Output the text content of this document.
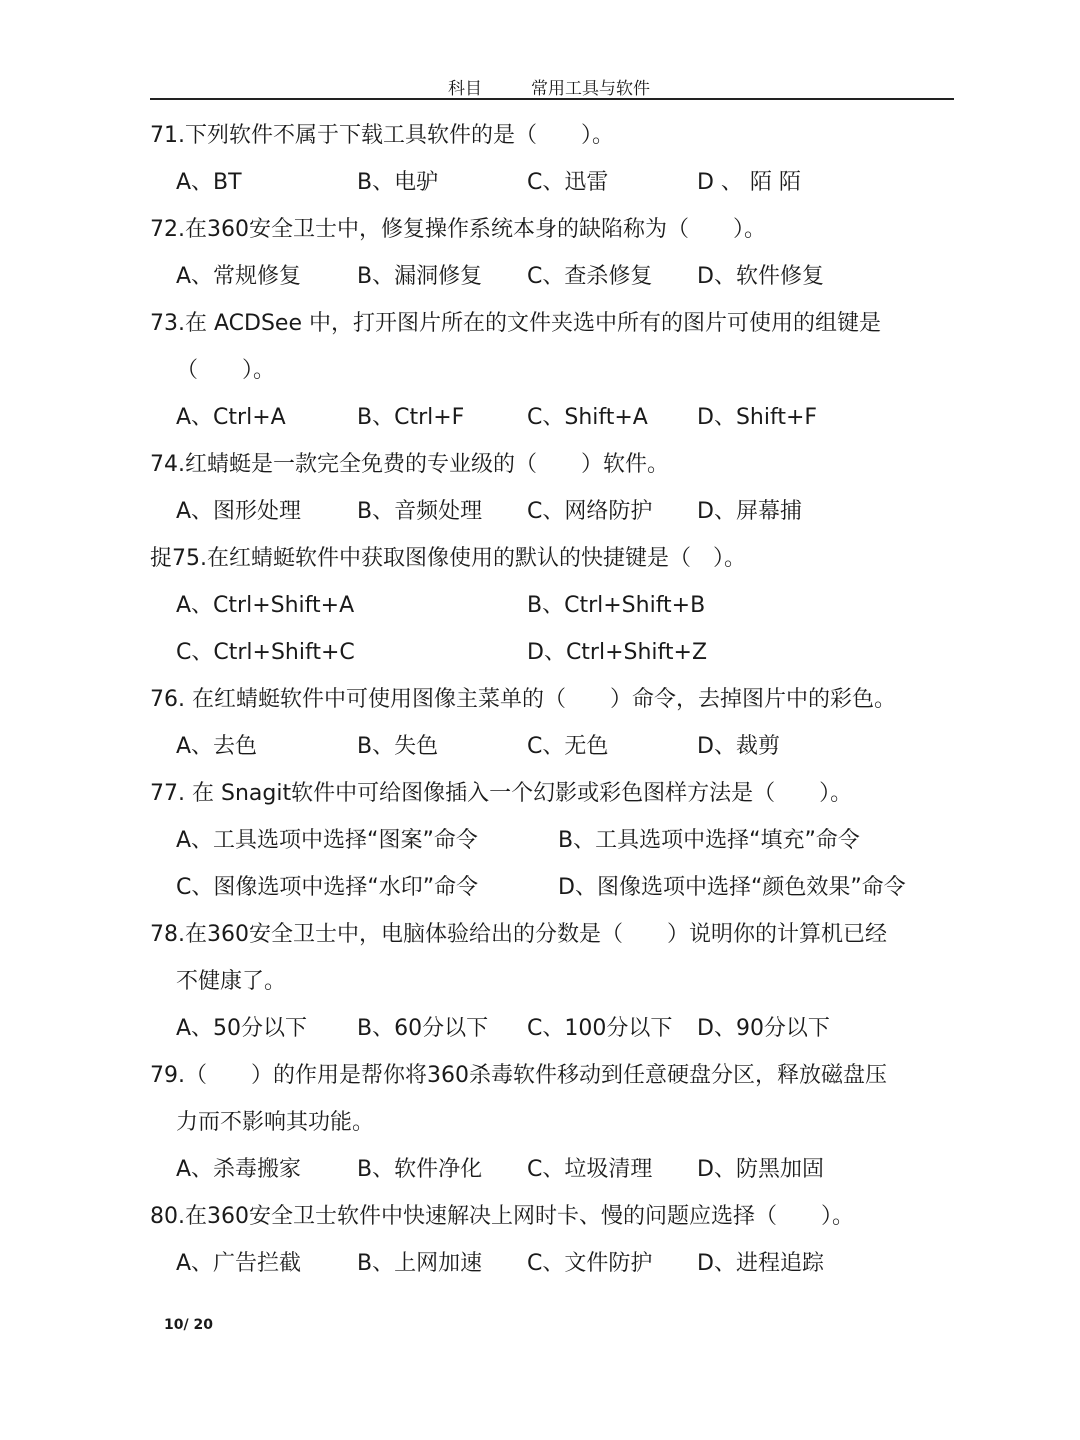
科目	常用工具与软件
71.下列软件不属于下载工具软件的是（　　）。
A、BT	B、电驴	C、迅雷	D 、 陌 陌
72.在360安全卫士中，修复操作系统本身的缺陷称为（　　）。
A、常规修复	B、漏洞修复 C、查杀修复 D、软件修复
73.在 ACDSee 中，打开图片所在的文件夹选中所有的图片可使用的组键是
（　　）。
A、Ctrl+A	B、Ctrl+F	C、Shift+A D、Shift+F
74.红蜻蜓是一款完全免费的专业级的（　　）软件。
A、图形处理	B、音频处理 C、网络防护 D、屏幕捕
捉75.在红蜻蜓软件中获取图像使用的默认的快捷键是（　）。
A、Ctrl+Shift+A	B、Ctrl+Shift+B
C、Ctrl+Shift+C	D、Ctrl+Shift+Z
76. 在红蜻蜓软件中可使用图像主菜单的（　　）命令，去掉图片中的彩色。
A、去色	B、失色	C、无色	D、裁剪
77. 在 Snagit软件中可给图像插入一个幻影或彩色图样方法是（　　）。
A、工具选项中选择“图案”命令	B、工具选项中选择“填充”命令
C、图像选项中选择“水印”命令	D、图像选项中选择“颜色效果”命令
78.在360安全卫士中，电脑体验给出的分数是（　　）说明你的计算机已经
不健康了。
A、50分以下 B、60分以下 C、100分以下 D、90分以下
79.（　　）的作用是帮你将360杀毒软件移动到任意硬盘分区，释放磁盘压
力而不影响其功能。
A、杀毒搬家	B、软件净化 C、垃圾清理 D、防黑加固
80.在360安全卫士软件中快速解决上网时卡、慢的问题应选择（　　）。
A、广告拦截	B、上网加速 C、文件防护 D、进程追踪
10/ 20
